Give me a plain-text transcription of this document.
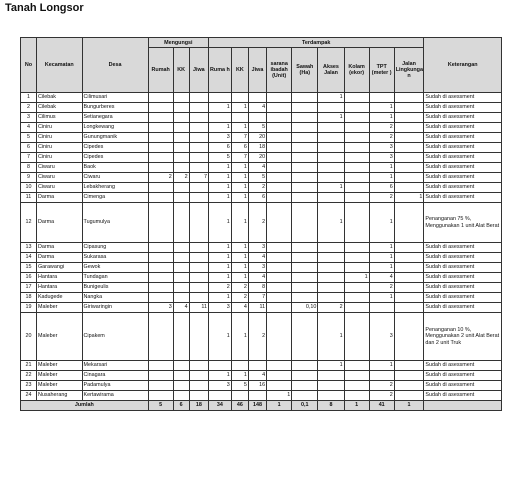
Tanah Longsor
No	Kecamatan	Desa	Mengungsi			Terdampak									Keterangan
			Rumah	KK	Jiwa	Ruma h	KK	Jiwa	sarana ibadah (Unit)	Sawah (Ha)	Akses Jalan	Kolam (ekor)	TPT (meter )	Jalan Lingkunga n	
1	Cilebak	Cilimusari									1				Sudah di asessment
2	Cilebak	Bungurberes				1	1	4					1		Sudah di asessment
3	Cilimus	Setianegara									1		1		Sudah di asessment
4	Ciniru	Longkewang				1	1	5					2		Sudah di asessment
5	Ciniru	Gunungmanik				3	7	20					2		Sudah di asessment
6	Ciniru	Cipedes				6	6	18					3		Sudah di asessment
7	Ciniru	Cipedes				5	7	20					3		Sudah di asessment
8	Ciwaru	Baok				1	1	4					1		Sudah di asessment
9	Ciwaru	Ciwaru	2	2	7	1	1	5					1		Sudah di asessment
10	Ciwaru	Lebakherang				1	1	2			1		6		Sudah di asessment
11	Darma	Cimenga				1	1	6					2	1	Sudah di asessment
12	Darma	Tugumulya				1	1	2			1		1		Penanganan 75 %, Menggunakan 1 unit Alat Berat
13	Darma	Cipasung				1	1	3					1		Sudah di asessment
14	Darma	Sukarasa				1	1	4					1		Sudah di asessment
15	Garawangi	Gewok				1	1	3					1		Sudah di asessment
16	Hantara	Tundagan				1	1	4				1	4		Sudah di asessment
17	Hantara	Bunigeulis				2	2	8					2		Sudah di asessment
18	Kadugede	Nangka				1	2	7					1		Sudah di asessment
19	Maleber	Giriwaringin	3	4	11	3	4	11		0,10	2				Sudah di asessment
20	Maleber	Cipakem				1	1	2			1		3		Penanganan 10 %, Menggunakan 2 unit Alat Berat dan 2 unit Truk
21	Maleber	Mekarsari									1		1		Sudah di asessment
22	Maleber	Cinagara				1	1	4							Sudah di asessment
23	Maleber	Padamulya				3	5	16					2		Sudah di asessment
24	Nusaherang	Kertawirama							1				2		Sudah di asessment
Jumlah			5	6	18	34	46	148	1	0,1	8	1	41	1	
